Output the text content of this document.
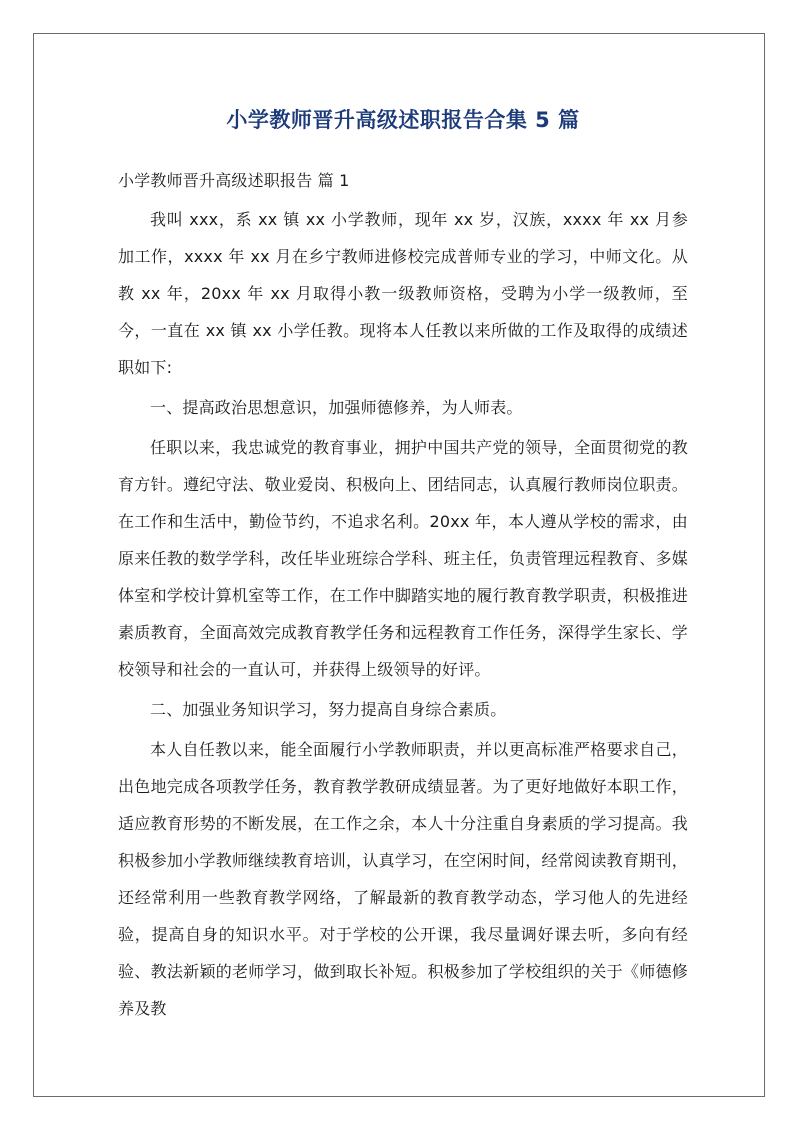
小学教师晋升高级述职报告合集 5 篇

小学教师晋升高级述职报告 篇 1

我叫 xxx，系 xx 镇 xx 小学教师，现年 xx 岁，汉族，xxxx 年 xx 月参加工作，xxxx 年 xx 月在乡宁教师进修校完成普师专业的学习，中师文化。从教 xx 年，20xx 年 xx 月取得小教一级教师资格，受聘为小学一级教师，至今，一直在 xx 镇 xx 小学任教。现将本人任教以来所做的工作及取得的成绩述职如下:

一、提高政治思想意识，加强师德修养，为人师表。

任职以来，我忠诚党的教育事业，拥护中国共产党的领导，全面贯彻党的教育方针。遵纪守法、敬业爱岗、积极向上、团结同志，认真履行教师岗位职责。在工作和生活中，勤俭节约，不追求名利。20xx 年，本人遵从学校的需求，由原来任教的数学学科，改任毕业班综合学科、班主任，负责管理远程教育、多媒体室和学校计算机室等工作，在工作中脚踏实地的履行教育教学职责，积极推进素质教育，全面高效完成教育教学任务和远程教育工作任务，深得学生家长、学校领导和社会的一直认可，并获得上级领导的好评。

二、加强业务知识学习，努力提高自身综合素质。

本人自任教以来，能全面履行小学教师职责，并以更高标准严格要求自己，出色地完成各项教学任务，教育教学教研成绩显著。为了更好地做好本职工作，适应教育形势的不断发展，在工作之余，本人十分注重自身素质的学习提高。我积极参加小学教师继续教育培训，认真学习，在空闲时间，经常阅读教育期刊，还经常利用一些教育教学网络，了解最新的教育教学动态，学习他人的先进经验，提高自身的知识水平。对于学校的公开课，我尽量调好课去听，多向有经验、教法新颖的老师学习，做到取长补短。积极参加了学校组织的关于《师德修养及教
